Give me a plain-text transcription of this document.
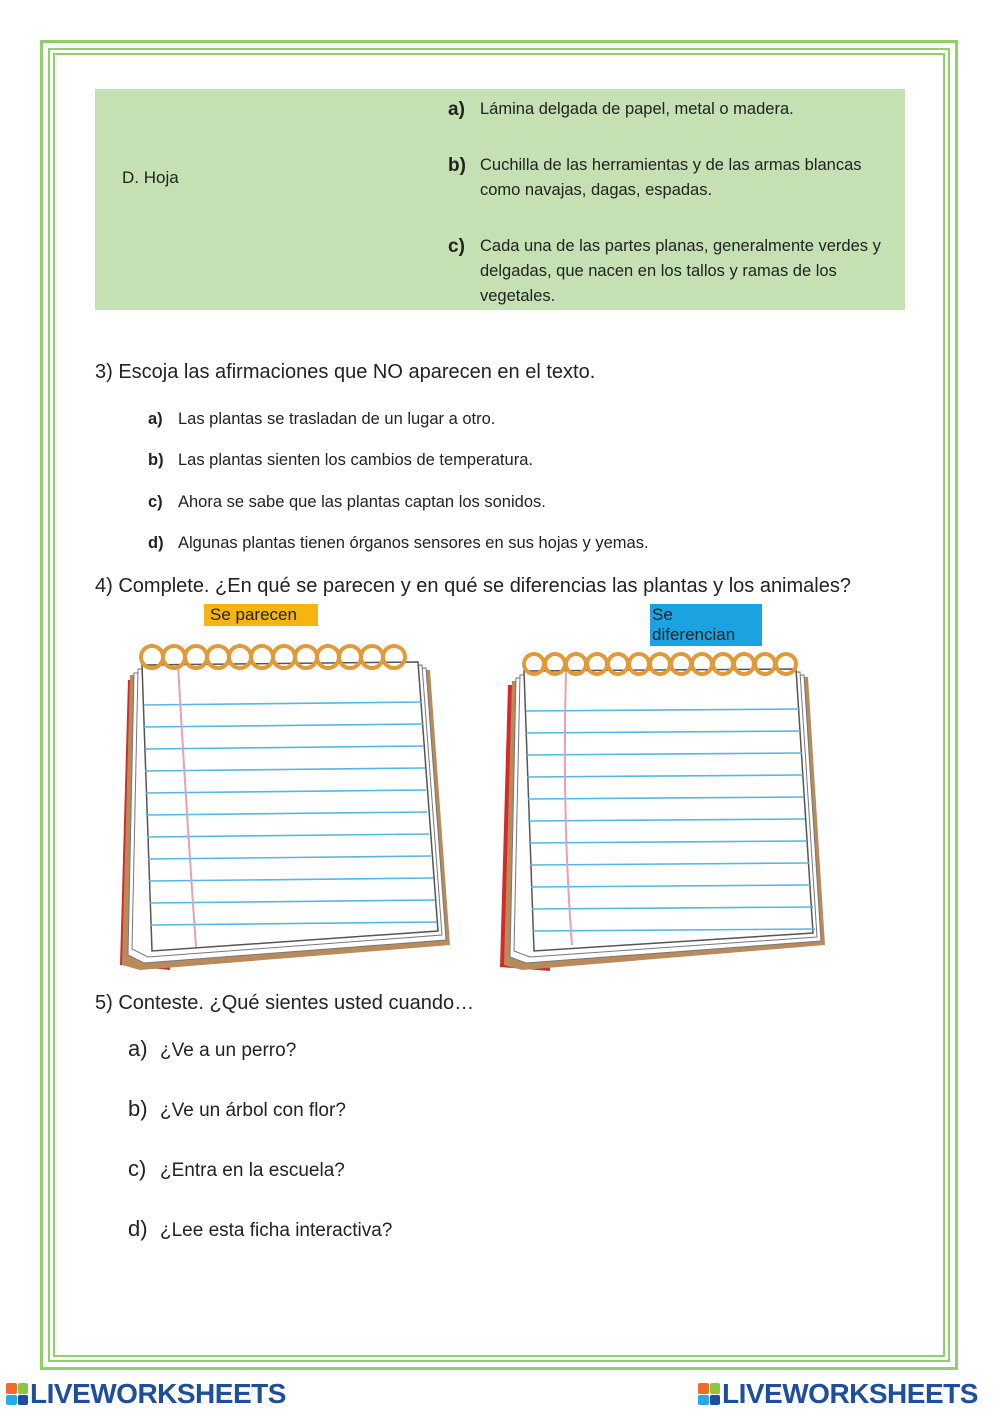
D. Hoja
a) Lámina delgada de papel, metal o madera.
b) Cuchilla de las herramientas y de las armas blancas como navajas, dagas, espadas.
c) Cada una de las partes planas, generalmente verdes y delgadas, que nacen en los tallos y ramas de los vegetales.
3) Escoja las afirmaciones que NO aparecen en el texto.
a) Las plantas se trasladan de un lugar a otro.
b) Las plantas sienten los cambios de temperatura.
c) Ahora se sabe que las plantas captan los sonidos.
d) Algunas plantas tienen órganos sensores en sus hojas y yemas.
4) Complete. ¿En qué se parecen y en qué se diferencias las plantas y los animales?
Se parecen	Se diferencian
5) Conteste. ¿Qué sientes usted cuando…
a) ¿Ve a un perro?
b) ¿Ve un árbol con flor?
c) ¿Entra en la escuela?
d) ¿Lee esta ficha interactiva?
LIVEWORKSHEETS	LIVEWORKSHEETS
